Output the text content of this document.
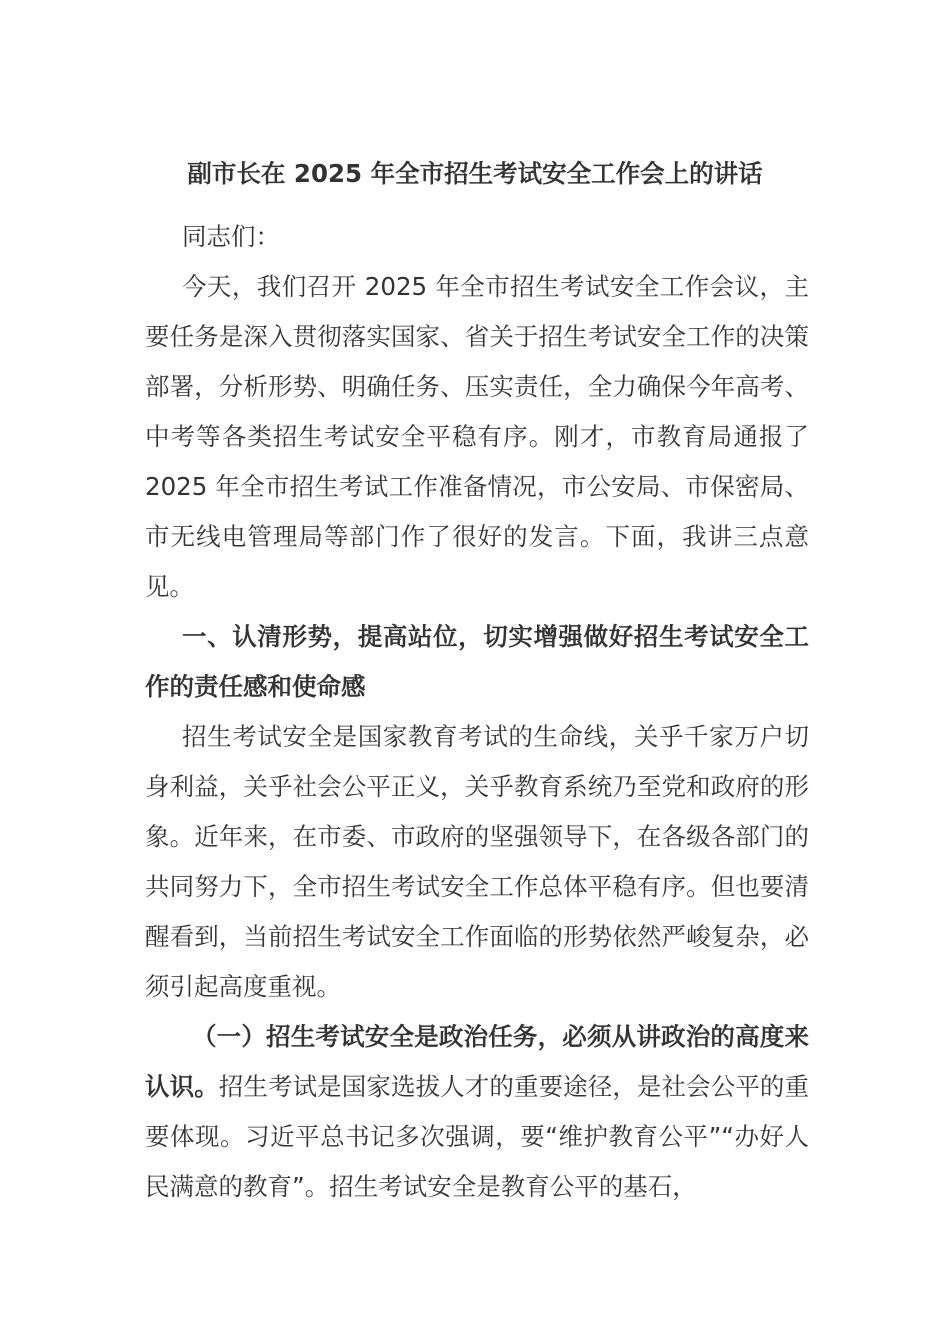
副市长在 2025 年全市招生考试安全工作会上的讲话

同志们：

今天，我们召开 2025 年全市招生考试安全工作会议，主要任务是深入贯彻落实国家、省关于招生考试安全工作的决策部署，分析形势、明确任务、压实责任，全力确保今年高考、中考等各类招生考试安全平稳有序。刚才，市教育局通报了 2025 年全市招生考试工作准备情况，市公安局、市保密局、市无线电管理局等部门作了很好的发言。下面，我讲三点意见。

一、认清形势，提高站位，切实增强做好招生考试安全工作的责任感和使命感

招生考试安全是国家教育考试的生命线，关乎千家万户切身利益，关乎社会公平正义，关乎教育系统乃至党和政府的形象。近年来，在市委、市政府的坚强领导下，在各级各部门的共同努力下，全市招生考试安全工作总体平稳有序。但也要清醒看到，当前招生考试安全工作面临的形势依然严峻复杂，必须引起高度重视。

（一）招生考试安全是政治任务，必须从讲政治的高度来认识。招生考试是国家选拔人才的重要途径，是社会公平的重要体现。习近平总书记多次强调，要“维护教育公平”“办好人民满意的教育”。招生考试安全是教育公平的基石，
